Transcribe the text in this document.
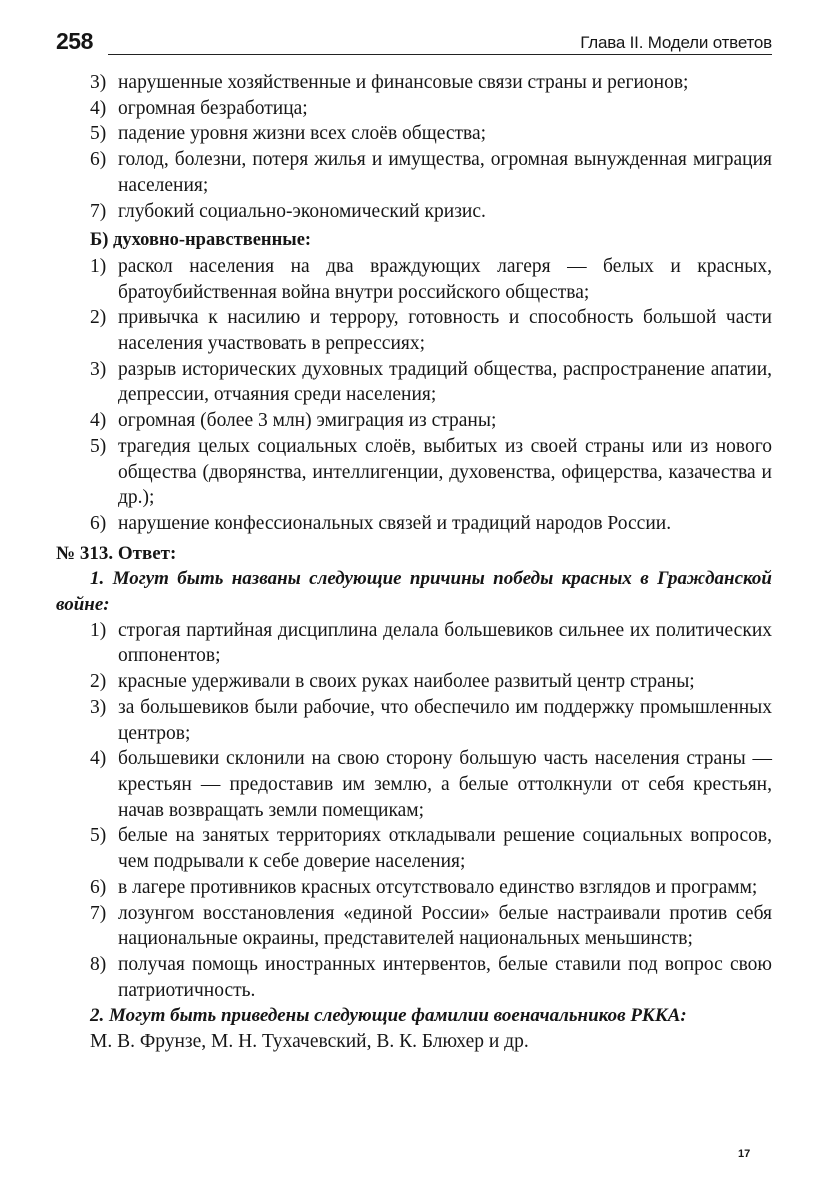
258	Глава II. Модели ответов
3) нарушенные хозяйственные и финансовые связи страны и регионов;
4) огромная безработица;
5) падение уровня жизни всех слоёв общества;
6) голод, болезни, потеря жилья и имущества, огромная вынужденная миграция населения;
7) глубокий социально-экономический кризис.
Б) духовно-нравственные:
1) раскол населения на два враждующих лагеря — белых и красных, братоубийственная война внутри российского общества;
2) привычка к насилию и террору, готовность и способность большой части населения участвовать в репрессиях;
3) разрыв исторических духовных традиций общества, распространение апатии, депрессии, отчаяния среди населения;
4) огромная (более 3 млн) эмиграция из страны;
5) трагедия целых социальных слоёв, выбитых из своей страны или из нового общества (дворянства, интеллигенции, духовенства, офицерства, казачества и др.);
6) нарушение конфессиональных связей и традиций народов России.
№ 313. Ответ:
1. Могут быть названы следующие причины победы красных в Гражданской войне:
1) строгая партийная дисциплина делала большевиков сильнее их политических оппонентов;
2) красные удерживали в своих руках наиболее развитый центр страны;
3) за большевиков были рабочие, что обеспечило им поддержку промышленных центров;
4) большевики склонили на свою сторону большую часть населения страны — крестьян — предоставив им землю, а белые оттолкнули от себя крестьян, начав возвращать земли помещикам;
5) белые на занятых территориях откладывали решение социальных вопросов, чем подрывали к себе доверие населения;
6) в лагере противников красных отсутствовало единство взглядов и программ;
7) лозунгом восстановления «единой России» белые настраивали против себя национальные окраины, представителей национальных меньшинств;
8) получая помощь иностранных интервентов, белые ставили под вопрос свою патриотичность.
2. Могут быть приведены следующие фамилии военачальников РККА:
М. В. Фрунзе, М. Н. Тухачевский, В. К. Блюхер и др.
17
